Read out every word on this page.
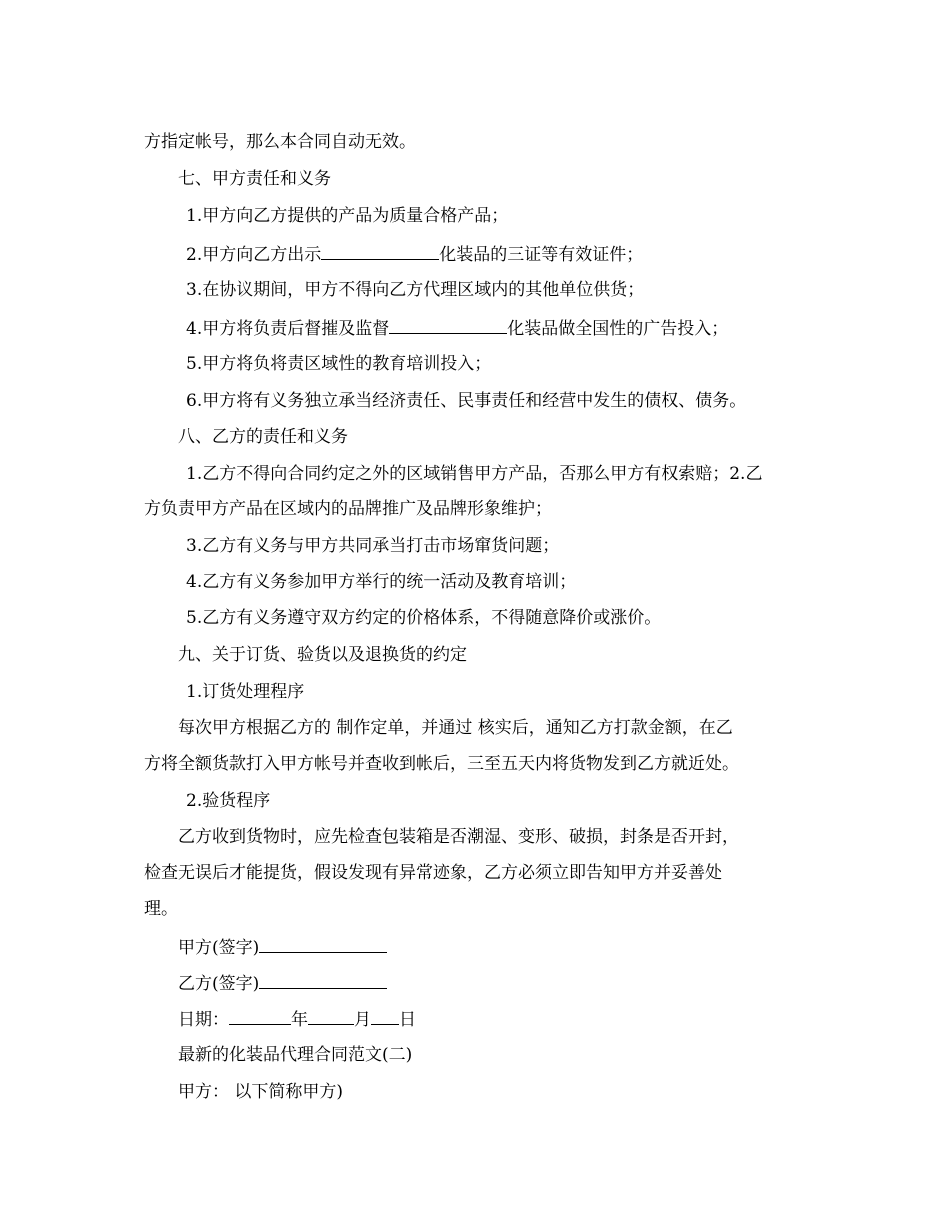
方指定帐号，那么本合同自动无效。
七、甲方责任和义务
1.甲方向乙方提供的产品为质量合格产品；
2.甲方向乙方出示	化装品的三证等有效证件；
3.在协议期间，甲方不得向乙方代理区域内的其他单位供货；
4.甲方将负责后督摧及监督	化装品做全国性的广告投入；
5.甲方将负将责区域性的教育培训投入；
6.甲方将有义务独立承当经济责任、民事责任和经营中发生的债权、债务。
八、乙方的责任和义务
1.乙方不得向合同约定之外的区域销售甲方产品，否那么甲方有权索赔；2.乙
方负责甲方产品在区域内的品牌推广及品牌形象维护；
3.乙方有义务与甲方共同承当打击市场窜货问题；
4.乙方有义务参加甲方举行的统一活动及教育培训；
5.乙方有义务遵守双方约定的价格体系，不得随意降价或涨价。
九、关于订货、验货以及退换货的约定
1.订货处理程序
每次甲方根据乙方的 制作定单，并通过 核实后，通知乙方打款金额，在乙
方将全额货款打入甲方帐号并查收到帐后，三至五天内将货物发到乙方就近处。
2.验货程序
乙方收到货物时，应先检查包装箱是否潮湿、变形、破损，封条是否开封，
检查无误后才能提货，假设发现有异常迹象，乙方必须立即告知甲方并妥善处
理。
甲方(签字)
乙方(签字)
日期：	年	月 日
最新的化装品代理合同范文(二)
甲方： 以下简称甲方)
